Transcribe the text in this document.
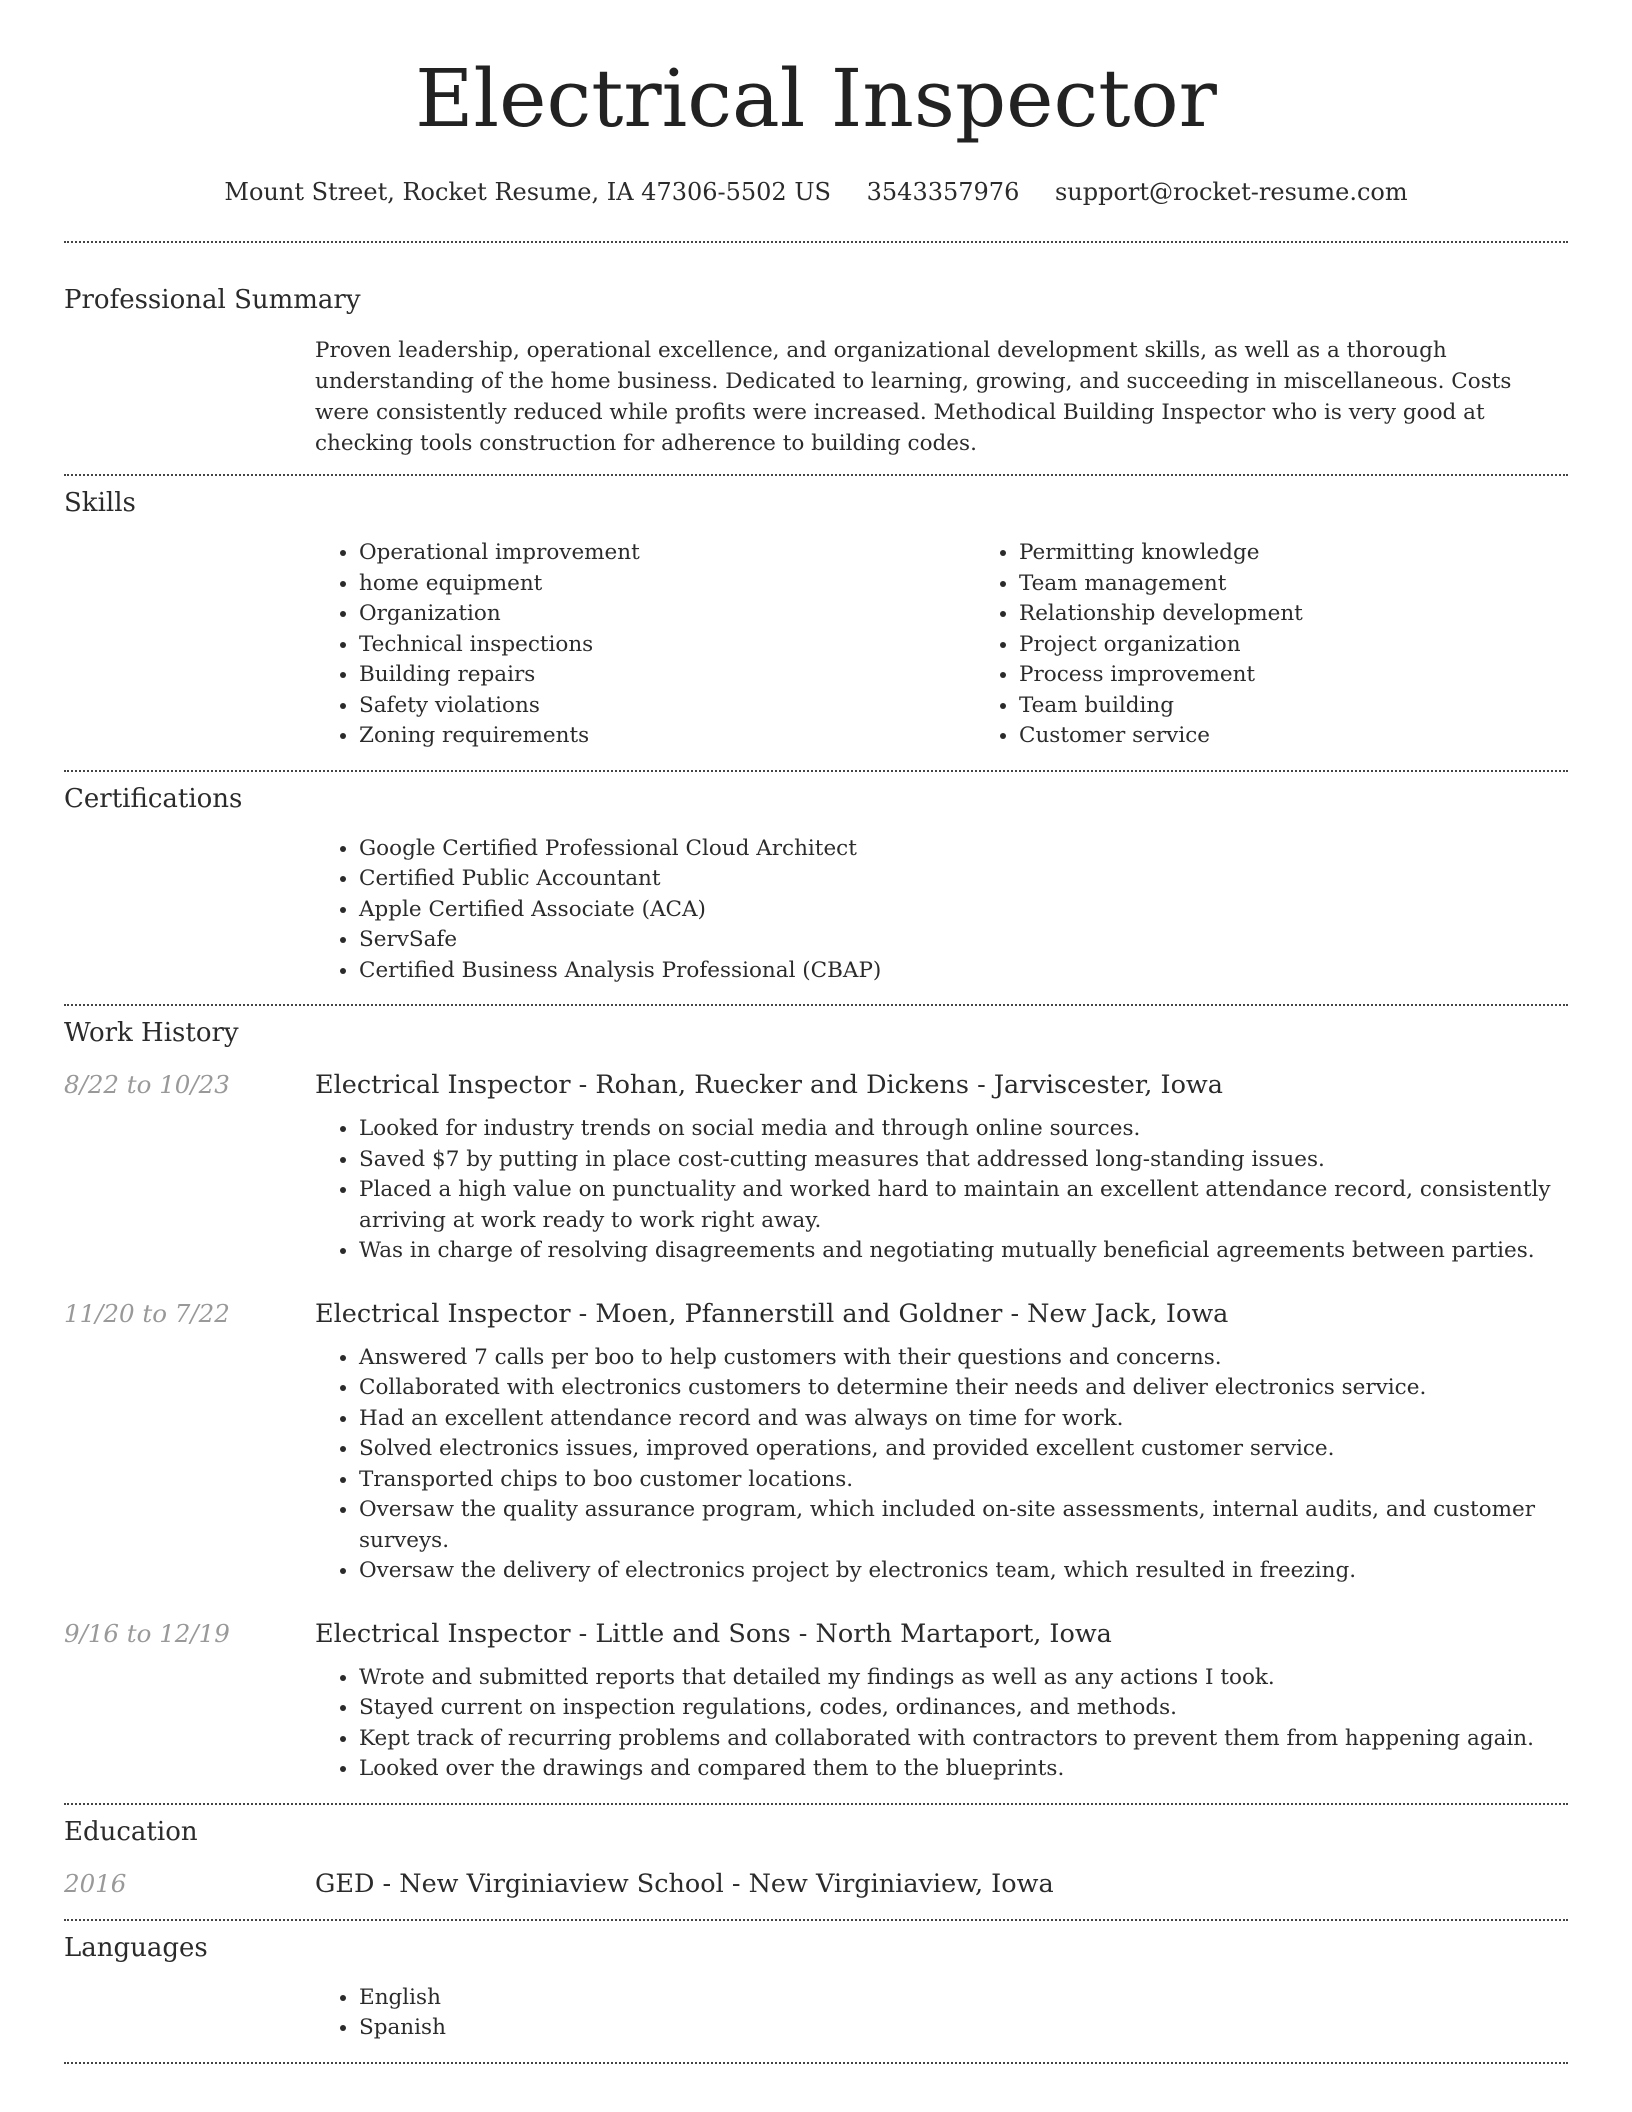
Electrical Inspector
Mount Street, Rocket Resume, IA 47306-5502 US 3543357976 support@rocket-resume.com
Professional Summary

Proven leadership, operational excellence, and organizational development skills, as well as a thorough understanding of the home business. Dedicated to learning, growing, and succeeding in miscellaneous. Costs were consistently reduced while profits were increased. Methodical Building Inspector who is very good at checking tools construction for adherence to building codes.

Skills
• Operational improvement
• home equipment
• Organization
• Technical inspections
• Building repairs
• Safety violations
• Zoning requirements
• Permitting knowledge
• Team management
• Relationship development
• Project organization
• Process improvement
• Team building
• Customer service
Certifications
• Google Certified Professional Cloud Architect
• Certified Public Accountant
• Apple Certified Associate (ACA)
• ServSafe
• Certified Business Analysis Professional (CBAP)
Work History
8/22 to 10/23	Electrical Inspector - Rohan, Ruecker and Dickens - Jarviscester, Iowa
• Looked for industry trends on social media and through online sources.
• Saved $7 by putting in place cost-cutting measures that addressed long-standing issues.
• Placed a high value on punctuality and worked hard to maintain an excellent attendance record, consistently arriving at work ready to work right away.
• Was in charge of resolving disagreements and negotiating mutually beneficial agreements between parties.
11/20 to 7/22	Electrical Inspector - Moen, Pfannerstill and Goldner - New Jack, Iowa
• Answered 7 calls per boo to help customers with their questions and concerns.
• Collaborated with electronics customers to determine their needs and deliver electronics service.
• Had an excellent attendance record and was always on time for work.
• Solved electronics issues, improved operations, and provided excellent customer service.
• Transported chips to boo customer locations.
• Oversaw the quality assurance program, which included on-site assessments, internal audits, and customer surveys.
• Oversaw the delivery of electronics project by electronics team, which resulted in freezing.
9/16 to 12/19	Electrical Inspector - Little and Sons - North Martaport, Iowa
• Wrote and submitted reports that detailed my findings as well as any actions I took.
• Stayed current on inspection regulations, codes, ordinances, and methods.
• Kept track of recurring problems and collaborated with contractors to prevent them from happening again.
• Looked over the drawings and compared them to the blueprints.
Education
2016	GED - New Virginiaview School - New Virginiaview, Iowa
Languages
• English
• Spanish
